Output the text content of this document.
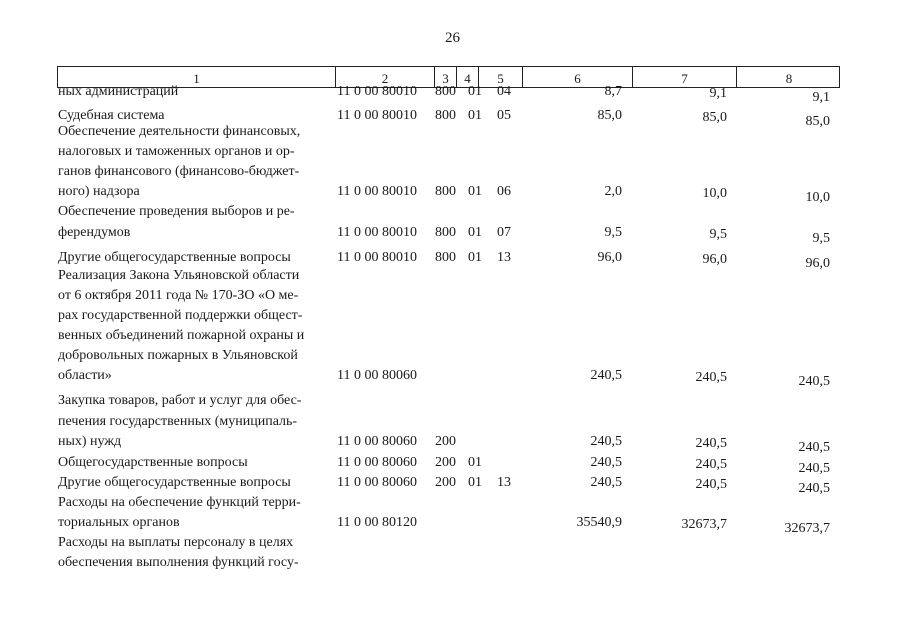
26
1	2	3	4	5	6	7	8
ных администраций	11 0 00 80010 800 01 04	8,7	9,1	9,1
Судебная система	11 0 00 80010 800 01 05	85,0	85,0	85,0
Обеспечение деятельности финансовых,
налоговых и таможенных органов и ор-
ганов финансового (финансово-бюджет-
ного) надзора	11 0 00 80010 800 01 06	2,0	10,0	10,0
Обеспечение проведения выборов и ре-
ферендумов	11 0 00 80010 800 01 07	9,5	9,5	9,5
Другие общегосударственные вопросы	11 0 00 80010 800 01 13	96,0	96,0	96,0
Реализация Закона Ульяновской области
от 6 октября 2011 года № 170-ЗО «О ме-
рах государственной поддержки общест-
венных объединений пожарной охраны и
добровольных пожарных в Ульяновской
области»	11 0 00 80060	240,5	240,5	240,5
Закупка товаров, работ и услуг для обес-
печения государственных (муниципаль-
ных) нужд	11 0 00 80060 200	240,5	240,5	240,5
Общегосударственные вопросы	11 0 00 80060 200 01	240,5	240,5	240,5
Другие общегосударственные вопросы	11 0 00 80060 200 01 13	240,5	240,5	240,5
Расходы на обеспечение функций терри-
ториальных органов	11 0 00 80120	35540,9	32673,7	32673,7
Расходы на выплаты персоналу в целях
обеспечения выполнения функций госу-
